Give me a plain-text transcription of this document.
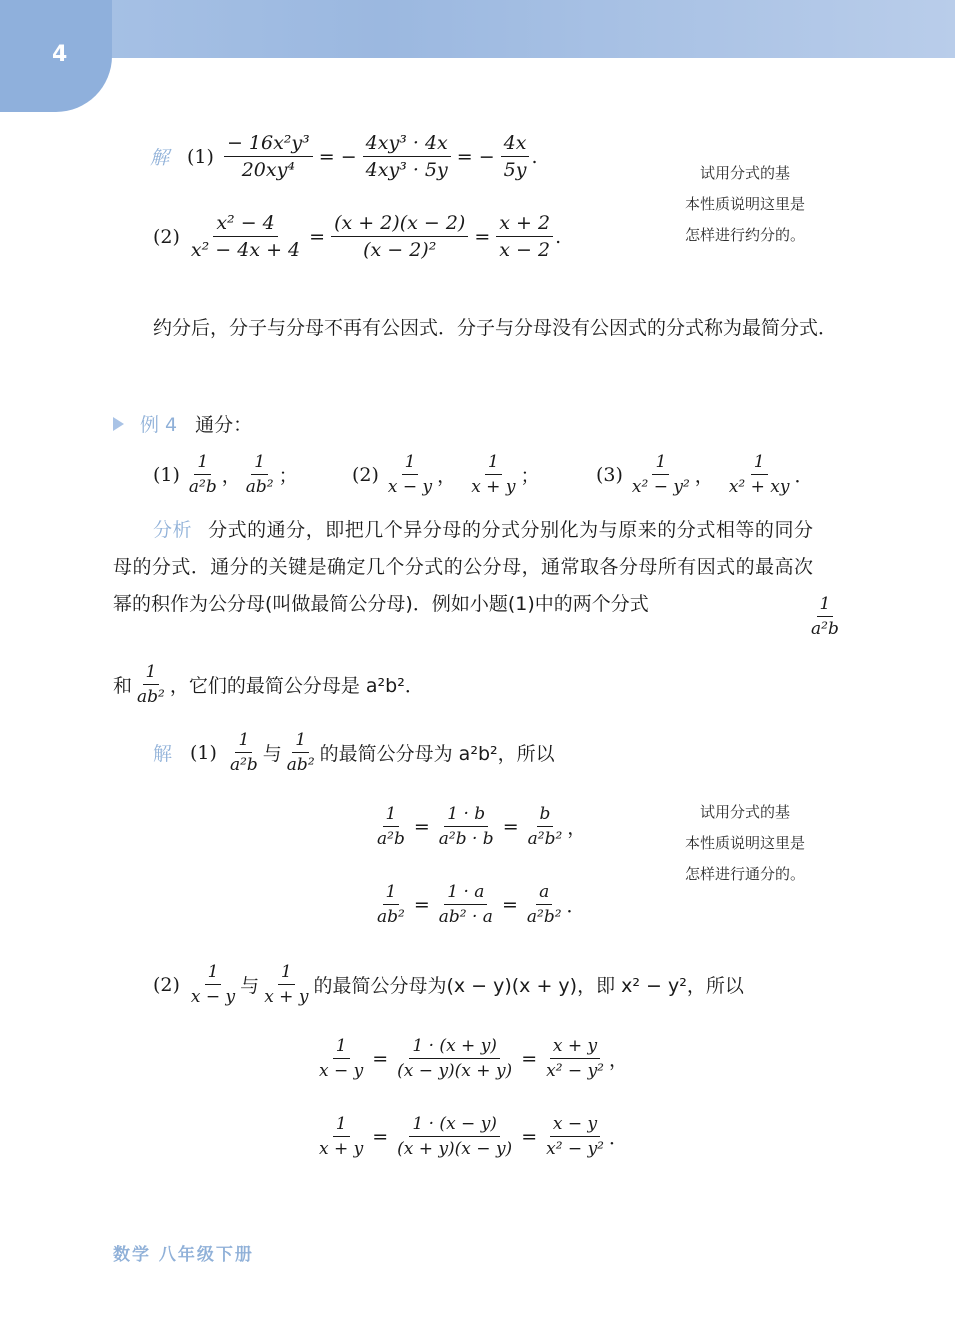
4
解 $(1) \frac{\text{− 16x²y³}}{\text{20xy⁴}}$ = − $\frac{\text{4xy³ · 4x}}{\text{4xy³ · 5y}}$ = − $\frac{4x}{5y}$ .
$(2) \frac{\text{x² − 4}}{\text{x² − 4x + 4}} = \frac{(x + 2)(x - 2)}{\text{(x − 2)²}} = \frac{x + 2}{x - 2}$ .
试用分式的基
本性质说明这里是
怎样进行约分的。
约分后，分子与分母不再有公因式．分子与分母没有公因式的分式称为最简分式．
例 4 通分：
$(1) \frac{1}{\text{a²b}}$ ， $\frac{1}{\text{ab²}}$ ；	$(2) \frac{1}{x - y}$ ， $\frac{1}{x + y}$ ；	$(3) \frac{1}{\text{x² − y²}}$ ， $\frac{1}{\text{x² + xy}}$ ．
分析 分式的通分，即把几个异分母的分式分别化为与原来的分式相等的同分母的分式．通分的关键是确定几个分式的公分母，通常取各分母所有因式的最高次幂的积作为公分母(叫做最简公分母)．例如小题(1)中的两个分式	$\frac{1}{\text{a²b}}$
和 $\frac{1}{\text{ab²}}$ ，它们的最简公分母是 a²b²．
解 $(1) \frac{1}{\text{a²b}}$ 与 $\frac{1}{\text{ab²}}$ 的最简公分母为 a²b²，所以
$\frac{1}{\text{a²b}} = \frac{1 \cdot b}{\text{a²b · b}} = \frac{b}{\text{a²b²}}$ ，
$\frac{1}{\text{ab²}} = \frac{1 \cdot a}{\text{ab² · a}} = \frac{a}{\text{a²b²}}$ ．
试用分式的基
本性质说明这里是
怎样进行通分的。
$(2) \frac{1}{x - y}$ 与 $\frac{1}{x + y}$ 的最简公分母为(x − y)(x + y)，即 x² − y²，所以
$\frac{1}{x - y} = \frac{1 \cdot (x + y)}{(x - y)(x + y)} = \frac{x + y}{\text{x² − y²}}$ ，
$\frac{1}{x + y} = \frac{1 \cdot (x - y)}{(x + y)(x - y)} = \frac{x - y}{\text{x² − y²}}$ ．
数学 八年级下册
